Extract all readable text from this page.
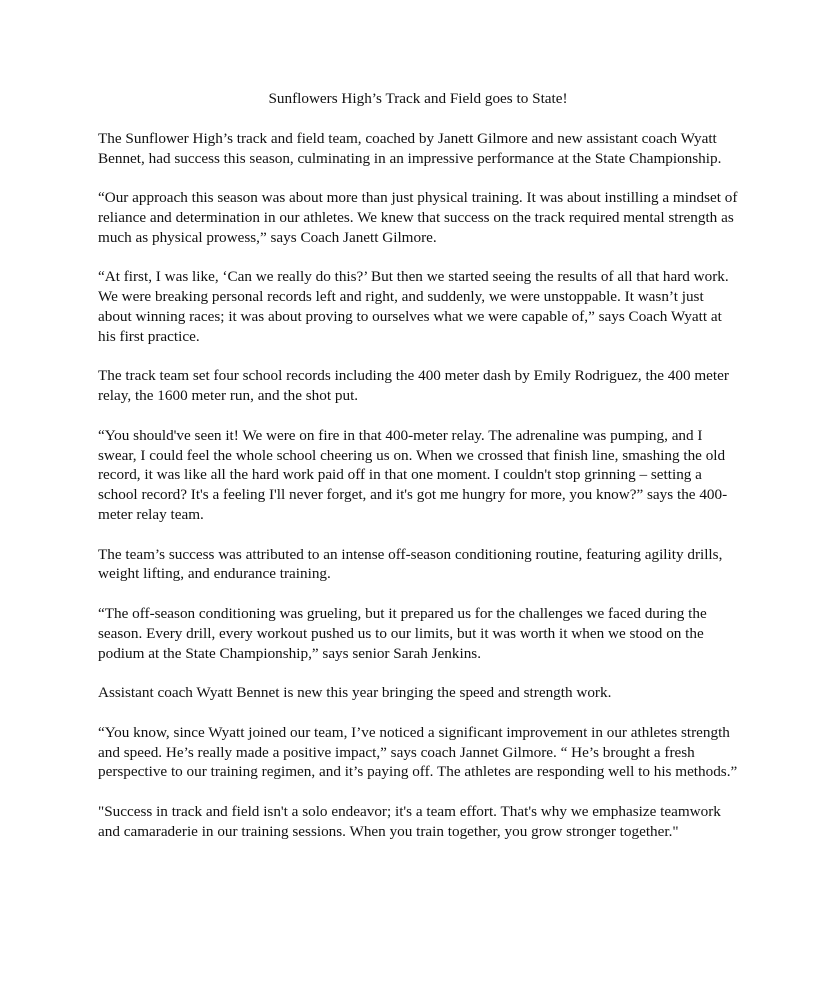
Sunflowers High’s Track and Field goes to State!

The Sunflower High’s track and field team, coached by Janett Gilmore and new assistant coach Wyatt Bennet, had success this season, culminating in an impressive performance at the State Championship.

“Our approach this season was about more than just physical training. It was about instilling a mindset of reliance and determination in our athletes. We knew that success on the track required mental strength as much as physical prowess,” says Coach Janett Gilmore.

“At first, I was like, ‘Can we really do this?’ But then we started seeing the results of all that hard work. We were breaking personal records left and right, and suddenly, we were unstoppable. It wasn’t just about winning races; it was about proving to ourselves what we were capable of,” says Coach Wyatt at his first practice.

The track team set four school records including the 400 meter dash by Emily Rodriguez, the 400 meter relay, the 1600 meter run, and the shot put.

“You should've seen it! We were on fire in that 400-meter relay. The adrenaline was pumping, and I swear, I could feel the whole school cheering us on. When we crossed that finish line, smashing the old record, it was like all the hard work paid off in that one moment. I couldn't stop grinning – setting a school record? It's a feeling I'll never forget, and it's got me hungry for more, you know?” says the 400-meter relay team.

The team’s success was attributed to an intense off-season conditioning routine, featuring agility drills, weight lifting, and endurance training.

“The off-season conditioning was grueling, but it prepared us for the challenges we faced during the season. Every drill, every workout pushed us to our limits, but it was worth it when we stood on the podium at the State Championship,” says senior Sarah Jenkins.

Assistant coach Wyatt Bennet is new this year bringing the speed and strength work.

“You know, since Wyatt joined our team, I’ve noticed a significant improvement in our athletes strength and speed. He’s really made a positive impact,” says coach Jannet Gilmore. “ He’s brought a fresh perspective to our training regimen, and it’s paying off. The athletes are responding well to his methods.”

"Success in track and field isn't a solo endeavor; it's a team effort. That's why we emphasize teamwork and camaraderie in our training sessions. When you train together, you grow stronger together."
